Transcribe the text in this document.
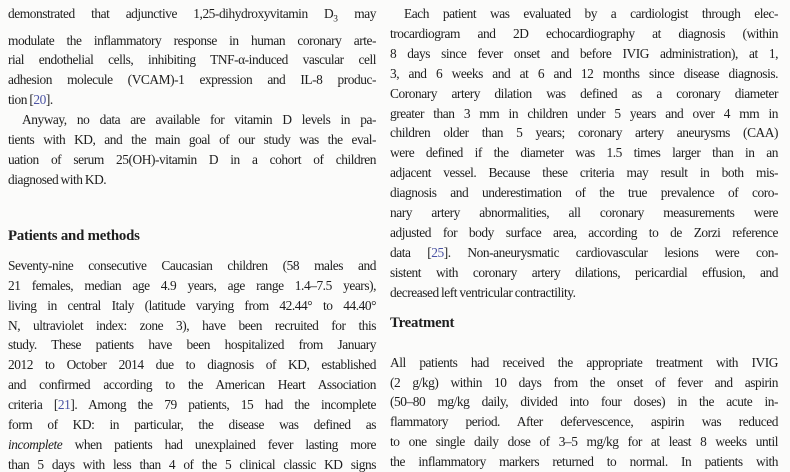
demonstrated that adjunctive 1,25-dihydroxyvitamin $D_3$ may
modulate the inflammatory response in human coronary arte-
rial endothelial cells, inhibiting TNF-α-induced vascular cell
adhesion molecule (VCAM)-1 expression and IL-8 produc-
tion [20].
Anyway, no data are available for vitamin D levels in pa-
tients with KD, and the main goal of our study was the eval-
uation of serum 25(OH)-vitamin D in a cohort of children
diagnosed with KD.
Patients and methods
Seventy-nine consecutive Caucasian children (58 males and
21 females, median age 4.9 years, age range 1.4–7.5 years),
living in central Italy (latitude varying from 42.44° to 44.40°
N, ultraviolet index: zone 3), have been recruited for this
study. These patients have been hospitalized from January
2012 to October 2014 due to diagnosis of KD, established
and confirmed according to the American Heart Association
criteria [21]. Among the 79 patients, 15 had the incomplete
form of KD: in particular, the disease was defined as
incomplete when patients had unexplained fever lasting more
than 5 days with less than 4 of the 5 clinical classic KD signs
Each patient was evaluated by a cardiologist through elec-
trocardiogram and 2D echocardiography at diagnosis (within
8 days since fever onset and before IVIG administration), at 1,
3, and 6 weeks and at 6 and 12 months since disease diagnosis.
Coronary artery dilation was defined as a coronary diameter
greater than 3 mm in children under 5 years and over 4 mm in
children older than 5 years; coronary artery aneurysms (CAA)
were defined if the diameter was 1.5 times larger than in an
adjacent vessel. Because these criteria may result in both mis-
diagnosis and underestimation of the true prevalence of coro-
nary artery abnormalities, all coronary measurements were
adjusted for body surface area, according to de Zorzi reference
data [25]. Non-aneurysmatic cardiovascular lesions were con-
sistent with coronary artery dilations, pericardial effusion, and
decreased left ventricular contractility.
Treatment
All patients had received the appropriate treatment with IVIG
(2 g/kg) within 10 days from the onset of fever and aspirin
(50–80 mg/kg daily, divided into four doses) in the acute in-
flammatory period. After defervescence, aspirin was reduced
to one single daily dose of 3–5 mg/kg for at least 8 weeks until
the inflammatory markers returned to normal. In patients with
